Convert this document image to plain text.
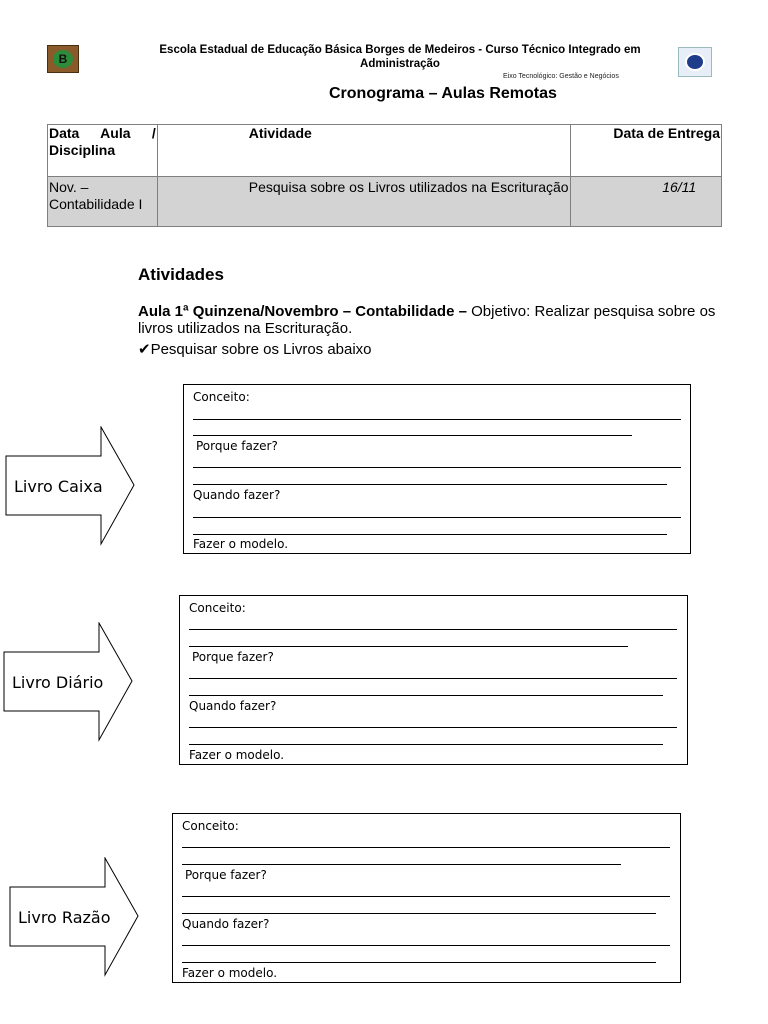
B
Escola Estadual de Educação Básica Borges de Medeiros - Curso Técnico Integrado em
Administração
Eixo Tecnológico: Gestão e Negócios
Cronograma – Aulas Remotas
Data Aula / Disciplina	Atividade	Data de Entrega
Nov. – Contabilidade I	Pesquisa sobre os Livros utilizados na Escrituração	16/11
Atividades
Aula 1ª Quinzena/Novembro – Contabilidade – Objetivo: Realizar pesquisa sobre os livros utilizados na Escrituração.
✔Pesquisar sobre os Livros abaixo
Livro Caixa
Conceito:
Porque fazer?
Quando fazer?
Fazer o modelo.
Livro Diário
Conceito:
Porque fazer?
Quando fazer?
Fazer o modelo.
Livro Razão
Conceito:
Porque fazer?
Quando fazer?
Fazer o modelo.
